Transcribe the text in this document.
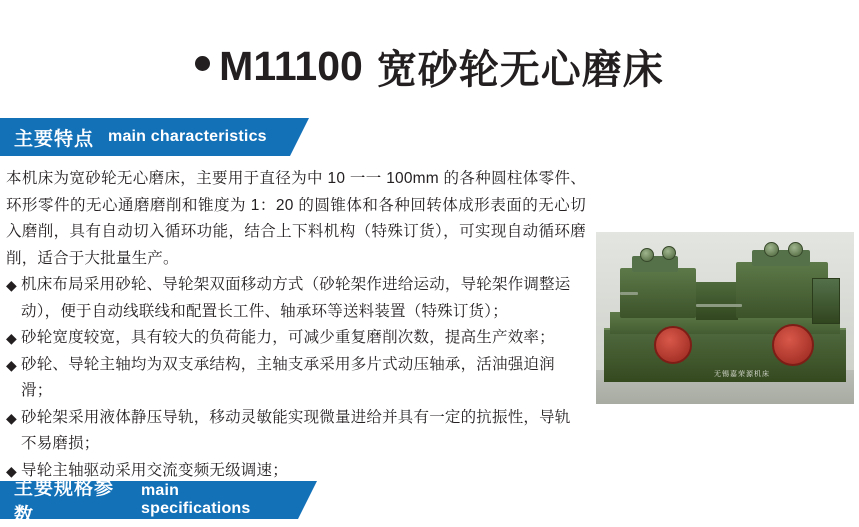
M11100 宽砂轮无心磨床
主要特点 main characteristics
本机床为宽砂轮无心磨床，主要用于直径为中 10 一一 100mm 的各种圆柱体零件、环形零件的无心通磨磨削和锥度为 1：20 的圆锥体和各种回转体成形表面的无心切入磨削，具有自动切入循环功能，结合上下料机构（特殊订货），可实现自动循环磨削，适合于大批量生产。
◆ 机床布局采用砂轮、导轮架双面移动方式（砂轮架作进给运动，导轮架作调整运动），便于自动线联线和配置长工件、轴承环等送料装置（特殊订货）；
◆ 砂轮宽度较宽，具有较大的负荷能力，可减少重复磨削次数，提高生产效率；
◆ 砂轮、导轮主轴均为双支承结构，主轴支承采用多片式动压轴承，活油强迫润滑；
◆ 砂轮架采用液体静压导轨，移动灵敏能实现微量进给并具有一定的抗振性，导轨不易磨损；
◆ 导轮主轴驱动采用交流变频无级调速；
无锡嘉荣源机床
主要规格参数
main specifications
